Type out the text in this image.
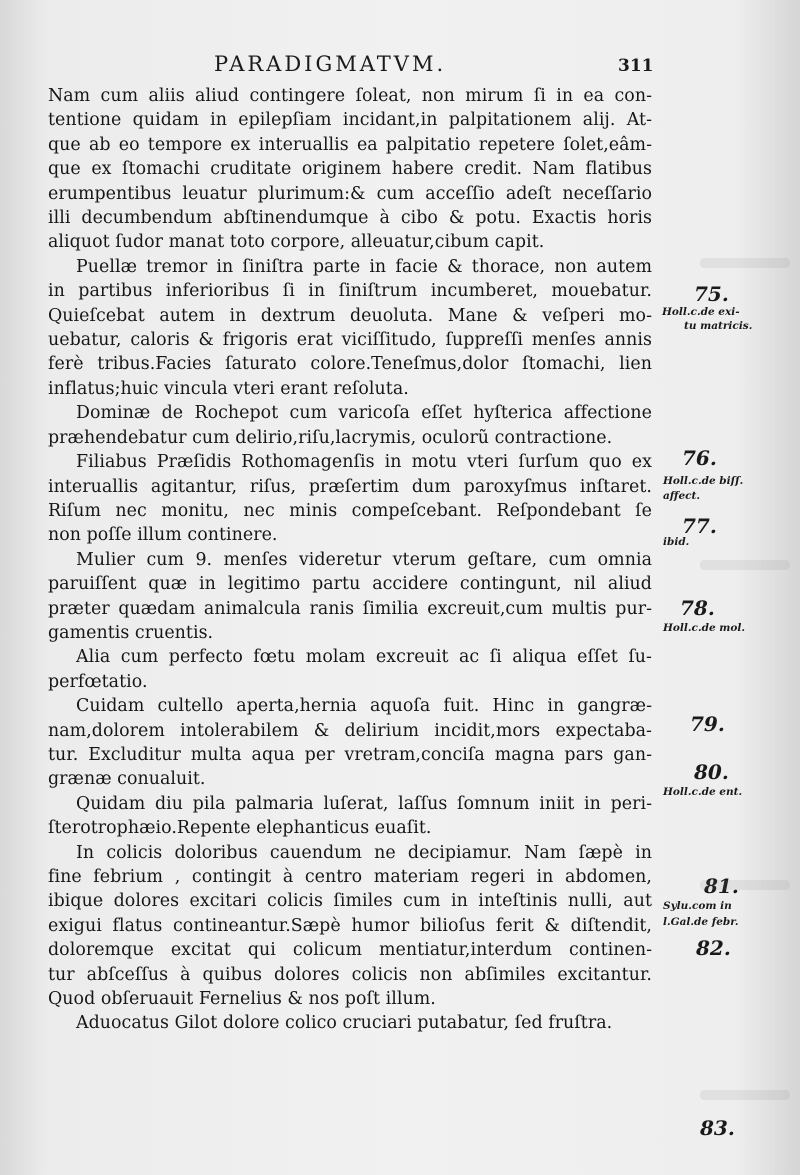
PARADIGMATVM.	311
Nam cum aliis aliud contingere ſoleat, non mirum ſi in ea con-
tentione quidam in epilepſiam incidant,in palpitationem alij. At-
que ab eo tempore ex interuallis ea palpitatio repetere ſolet,eâm-
que ex ſtomachi cruditate originem habere credit. Nam flatibus
erumpentibus leuatur plurimum:& cum acceſſio adeſt neceſſario
illi decumbendum abſtinendumque à cibo & potu. Exactis horis
aliquot ſudor manat toto corpore, alleuatur,cibum capit.
Puellæ tremor in ſiniſtra parte in facie & thorace, non autem
in partibus inferioribus ſi in ſiniſtrum incumberet, mouebatur.
Quieſcebat autem in dextrum deuoluta. Mane & veſperi mo-
uebatur, caloris & frigoris erat viciſſitudo, ſuppreſſi menſes annis
ferè tribus.Facies ſaturato colore.Teneſmus,dolor ſtomachi, lien
inflatus;huic vincula vteri erant reſoluta.
Dominæ de Rochepot cum varicoſa eſſet hyſterica affectione
præhendebatur cum delirio,riſu,lacrymis, oculorũ contractione.
Filiabus Præſidis Rothomagenſis in motu vteri ſurſum quo ex
interuallis agitantur, riſus, præſertim dum paroxyſmus inſtaret.
Riſum nec monitu, nec minis compeſcebant. Reſpondebant ſe
non poſſe illum continere.
Mulier cum 9. menſes videretur vterum geſtare, cum omnia
paruiſſent quæ in legitimo partu accidere contingunt, nil aliud
præter quædam animalcula ranis ſimilia excreuit,cum multis pur-
gamentis cruentis.
Alia cum perfecto fœtu molam excreuit ac ſi aliqua eſſet ſu-
perfœtatio.
Cuidam cultello aperta,hernia aquoſa fuit. Hinc in gangræ-
nam,dolorem intolerabilem & delirium incidit,mors expectaba-
tur. Excluditur multa aqua per vretram,conciſa magna pars gan-
grænæ conualuit.
Quidam diu pila palmaria luſerat, laſſus ſomnum iniit in peri-
ſterotrophæio.Repente elephanticus euaſit.
In colicis doloribus cauendum ne decipiamur. Nam ſæpè in
fine febrium , contingit à centro materiam regeri in abdomen,
ibique dolores excitari colicis ſimiles cum in inteſtinis nulli, aut
exigui flatus contineantur.Sæpè humor bilioſus ferit & diſtendit,
doloremque excitat qui colicum mentiatur,interdum continen-
tur abſceſſus à quibus dolores colicis non abſimiles excitantur.
Quod obſeruauit Fernelius & nos poſt illum.
Aduocatus Gilot dolore colico cruciari putabatur, ſed fruſtra.
75.
Holl.c.de exi-
tu matricis.
76.
Holl.c.de biſſ.
affect.
77.
ibid.
78.
Holl.c.de mol.
79.
80.
Holl.c.de ent.
81.
Sylu.com in
l.Gal.de febr.
82.
83.
